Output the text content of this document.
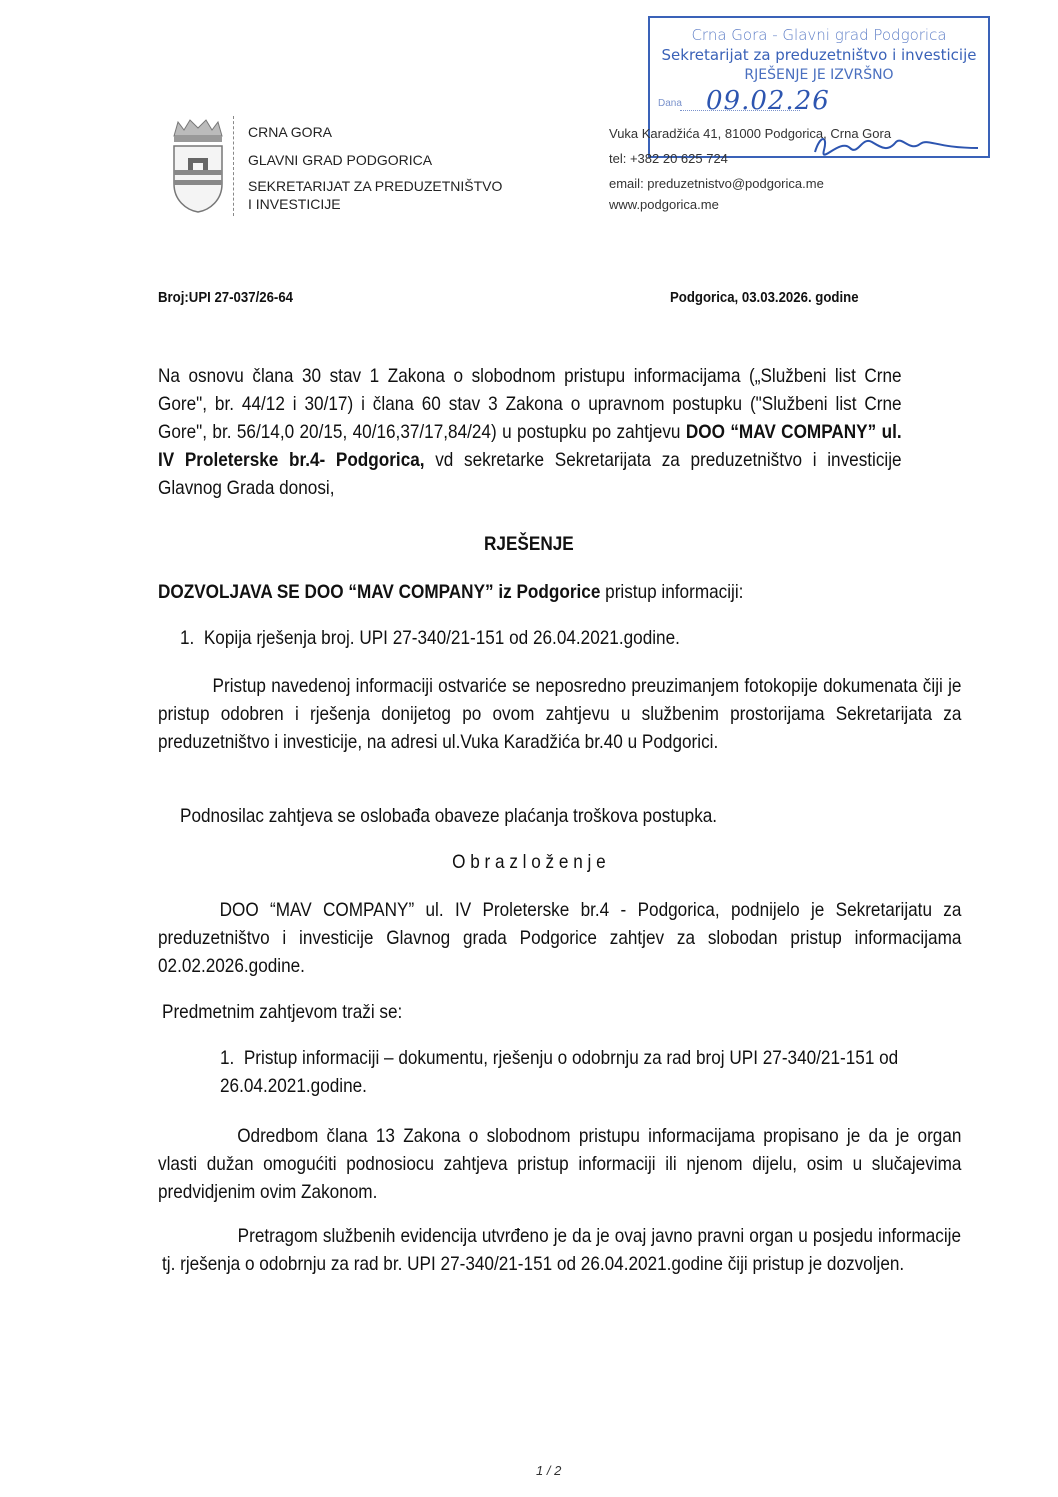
Crna Gora - Glavni grad Podgorica
Sekretarijat za preduzetništvo i investicije
RJEŠENJE JE IZVRŠNO
Dana 09.02.26
CRNA GORA
GLAVNI GRAD PODGORICA
SEKRETARIJAT ZA PREDUZETNIŠTVO
I INVESTICIJE
Vuka Karadžića 41, 81000 Podgorica, Crna Gora
tel: +382 20 625 724
email: preduzetnistvo@podgorica.me
www.podgorica.me
Broj:UPI 27-037/26-64	Podgorica, 03.03.2026. godine
Na osnovu člana 30 stav 1 Zakona o slobodnom pristupu informacijama („Službeni list Crne Gore", br. 44/12 i 30/17) i člana 60 stav 3 Zakona o upravnom postupku ("Službeni list Crne Gore", br. 56/14,0 20/15, 40/16,37/17,84/24) u postupku po zahtjevu DOO “MAV COMPANY” ul. IV Proleterske br.4- Podgorica, vd sekretarke Sekretarijata za preduzetništvo i investicije Glavnog Grada donosi,
RJEŠENJE
DOZVOLJAVA SE DOO “MAV COMPANY” iz Podgorice pristup informaciji:
1. Kopija rješenja broj. UPI 27-340/21-151 od 26.04.2021.godine.
Pristup navedenoj informaciji ostvariće se neposredno preuzimanjem fotokopije dokumenata čiji je pristup odobren i rješenja donijetog po ovom zahtjevu u službenim prostorijama Sekretarijata za preduzetništvo i investicije, na adresi ul.Vuka Karadžića br.40 u Podgorici.
Podnosilac zahtjeva se oslobađa obaveze plaćanja troškova postupka.
O b r a z l o ž e n j e
DOO “MAV COMPANY” ul. IV Proleterske br.4 - Podgorica, podnijelo je Sekretarijatu za preduzetništvo i investicije Glavnog grada Podgorice zahtjev za slobodan pristup informacijama 02.02.2026.godine.
Predmetnim zahtjevom traži se:
1. Pristup informaciji – dokumentu, rješenju o odobrnju za rad broj UPI 27-340/21-151 od 26.04.2021.godine.
Odredbom člana 13 Zakona o slobodnom pristupu informacijama propisano je da je organ vlasti dužan omogućiti podnosiocu zahtjeva pristup informaciji ili njenom dijelu, osim u slučajevima predvidjenim ovim Zakonom.
Pretragom službenih evidencija utvrđeno je da je ovaj javno pravni organ u posjedu informacije tj. rješenja o odobrnju za rad br. UPI 27-340/21-151 od 26.04.2021.godine čiji pristup je dozvoljen.
1 / 2
